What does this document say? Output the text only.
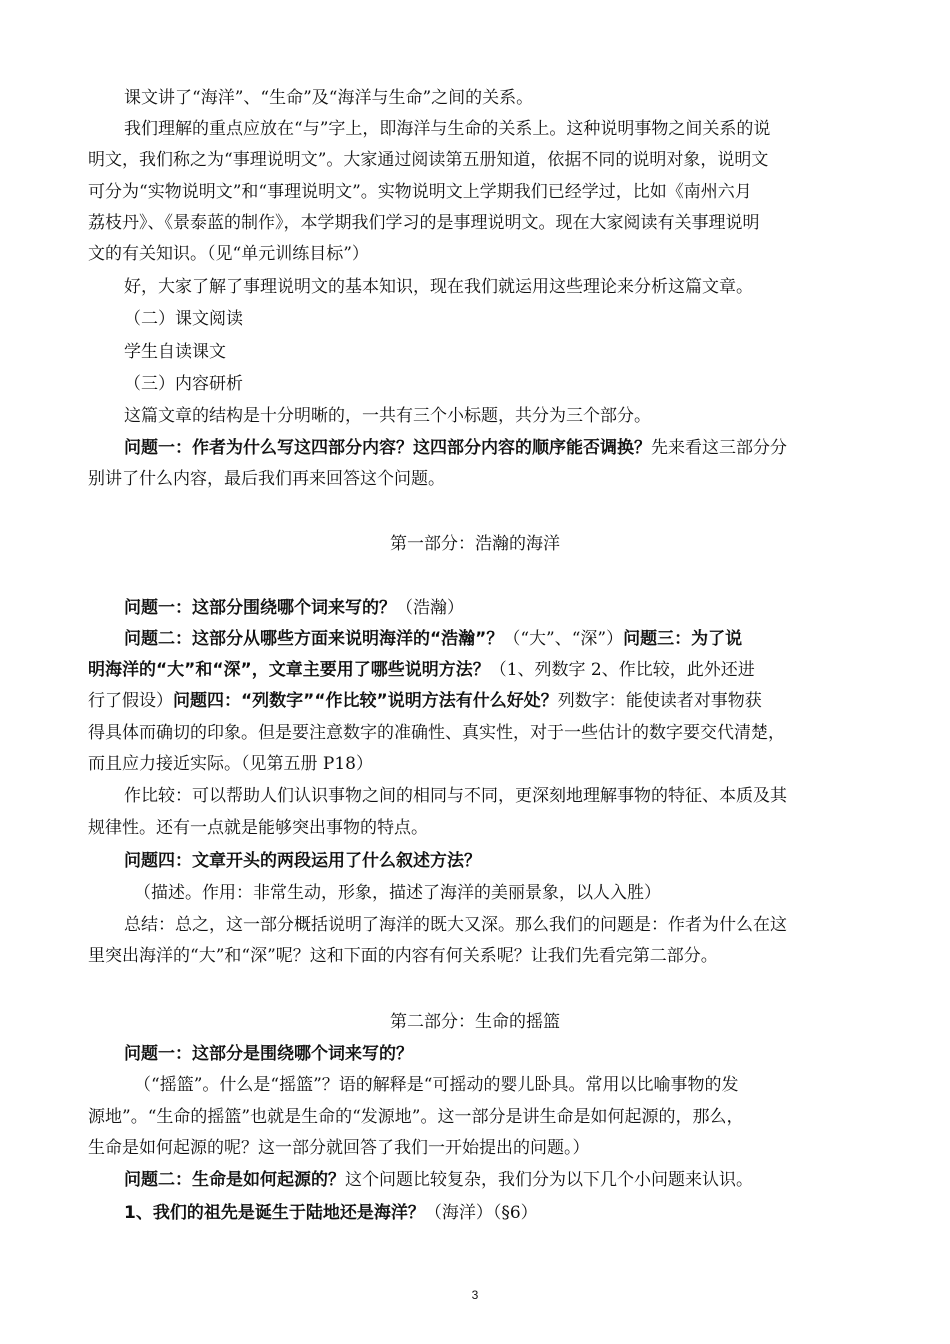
课文讲了“海洋”、“生命”及“海洋与生命”之间的关系。
我们理解的重点应放在“与”字上，即海洋与生命的关系上。这种说明事物之间关系的说
明文，我们称之为“事理说明文”。大家通过阅读第五册知道，依据不同的说明对象，说明文
可分为“实物说明文”和“事理说明文”。实物说明文上学期我们已经学过，比如《南州六月
荔枝丹》、《景泰蓝的制作》，本学期我们学习的是事理说明文。现在大家阅读有关事理说明
文的有关知识。（见“单元训练目标”）
好，大家了解了事理说明文的基本知识，现在我们就运用这些理论来分析这篇文章。
（二）课文阅读
学生自读课文
（三）内容研析
这篇文章的结构是十分明晰的，一共有三个小标题，共分为三个部分。
问题一：作者为什么写这四部分内容？这四部分内容的顺序能否调换？先来看这三部分分
别讲了什么内容，最后我们再来回答这个问题。
第一部分：浩瀚的海洋
问题一：这部分围绕哪个词来写的？（浩瀚）
问题二：这部分从哪些方面来说明海洋的“浩瀚”？（“大”、“深”）问题三：为了说
明海洋的“大”和“深”，文章主要用了哪些说明方法？（1、列数字 2、作比较，此外还进
行了假设）问题四：“列数字”“作比较”说明方法有什么好处？列数字：能使读者对事物获
得具体而确切的印象。但是要注意数字的准确性、真实性，对于一些估计的数字要交代清楚，
而且应力接近实际。（见第五册 P18）
作比较：可以帮助人们认识事物之间的相同与不同，更深刻地理解事物的特征、本质及其
规律性。还有一点就是能够突出事物的特点。
问题四：文章开头的两段运用了什么叙述方法？
（描述。作用：非常生动，形象，描述了海洋的美丽景象，以人入胜）
总结：总之，这一部分概括说明了海洋的既大又深。那么我们的问题是：作者为什么在这
里突出海洋的“大”和“深”呢？这和下面的内容有何关系呢？让我们先看完第二部分。
第二部分：生命的摇篮
问题一：这部分是围绕哪个词来写的？
（“摇篮”。什么是“摇篮”？语的解释是“可摇动的婴儿卧具。常用以比喻事物的发
源地”。“生命的摇篮”也就是生命的“发源地”。这一部分是讲生命是如何起源的，那么，
生命是如何起源的呢？这一部分就回答了我们一开始提出的问题。）
问题二：生命是如何起源的？这个问题比较复杂，我们分为以下几个小问题来认识。
1、我们的祖先是诞生于陆地还是海洋？（海洋）（§6）
3
